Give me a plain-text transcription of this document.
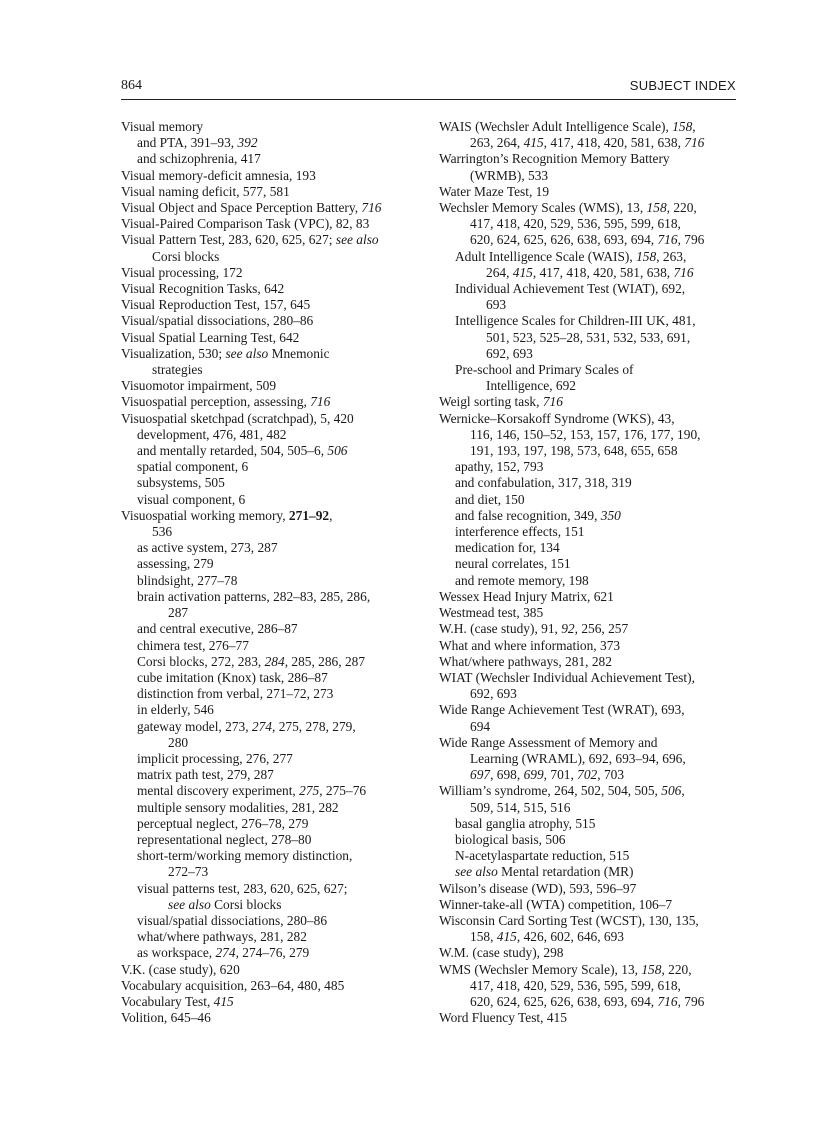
864	SUBJECT INDEX
Visual memory
and PTA, 391–93, 392
and schizophrenia, 417
Visual memory-deficit amnesia, 193
Visual naming deficit, 577, 581
Visual Object and Space Perception Battery, 716
Visual-Paired Comparison Task (VPC), 82, 83
Visual Pattern Test, 283, 620, 625, 627; see also
Corsi blocks
Visual processing, 172
Visual Recognition Tasks, 642
Visual Reproduction Test, 157, 645
Visual/spatial dissociations, 280–86
Visual Spatial Learning Test, 642
Visualization, 530; see also Mnemonic
strategies
Visuomotor impairment, 509
Visuospatial perception, assessing, 716
Visuospatial sketchpad (scratchpad), 5, 420
development, 476, 481, 482
and mentally retarded, 504, 505–6, 506
spatial component, 6
subsystems, 505
visual component, 6
Visuospatial working memory, 271–92,
536
as active system, 273, 287
assessing, 279
blindsight, 277–78
brain activation patterns, 282–83, 285, 286,
287
and central executive, 286–87
chimera test, 276–77
Corsi blocks, 272, 283, 284, 285, 286, 287
cube imitation (Knox) task, 286–87
distinction from verbal, 271–72, 273
in elderly, 546
gateway model, 273, 274, 275, 278, 279,
280
implicit processing, 276, 277
matrix path test, 279, 287
mental discovery experiment, 275, 275–76
multiple sensory modalities, 281, 282
perceptual neglect, 276–78, 279
representational neglect, 278–80
short-term/working memory distinction,
272–73
visual patterns test, 283, 620, 625, 627;
see also Corsi blocks
visual/spatial dissociations, 280–86
what/where pathways, 281, 282
as workspace, 274, 274–76, 279
V.K. (case study), 620
Vocabulary acquisition, 263–64, 480, 485
Vocabulary Test, 415
Volition, 645–46
WAIS (Wechsler Adult Intelligence Scale), 158,
263, 264, 415, 417, 418, 420, 581, 638, 716
Warrington’s Recognition Memory Battery
(WRMB), 533
Water Maze Test, 19
Wechsler Memory Scales (WMS), 13, 158, 220,
417, 418, 420, 529, 536, 595, 599, 618,
620, 624, 625, 626, 638, 693, 694, 716, 796
Adult Intelligence Scale (WAIS), 158, 263,
264, 415, 417, 418, 420, 581, 638, 716
Individual Achievement Test (WIAT), 692,
693
Intelligence Scales for Children-III UK, 481,
501, 523, 525–28, 531, 532, 533, 691,
692, 693
Pre-school and Primary Scales of
Intelligence, 692
Weigl sorting task, 716
Wernicke–Korsakoff Syndrome (WKS), 43,
116, 146, 150–52, 153, 157, 176, 177, 190,
191, 193, 197, 198, 573, 648, 655, 658
apathy, 152, 793
and confabulation, 317, 318, 319
and diet, 150
and false recognition, 349, 350
interference effects, 151
medication for, 134
neural correlates, 151
and remote memory, 198
Wessex Head Injury Matrix, 621
Westmead test, 385
W.H. (case study), 91, 92, 256, 257
What and where information, 373
What/where pathways, 281, 282
WIAT (Wechsler Individual Achievement Test),
692, 693
Wide Range Achievement Test (WRAT), 693,
694
Wide Range Assessment of Memory and
Learning (WRAML), 692, 693–94, 696,
697, 698, 699, 701, 702, 703
William’s syndrome, 264, 502, 504, 505, 506,
509, 514, 515, 516
basal ganglia atrophy, 515
biological basis, 506
N-acetylaspartate reduction, 515
see also Mental retardation (MR)
Wilson’s disease (WD), 593, 596–97
Winner-take-all (WTA) competition, 106–7
Wisconsin Card Sorting Test (WCST), 130, 135,
158, 415, 426, 602, 646, 693
W.M. (case study), 298
WMS (Wechsler Memory Scale), 13, 158, 220,
417, 418, 420, 529, 536, 595, 599, 618,
620, 624, 625, 626, 638, 693, 694, 716, 796
Word Fluency Test, 415
